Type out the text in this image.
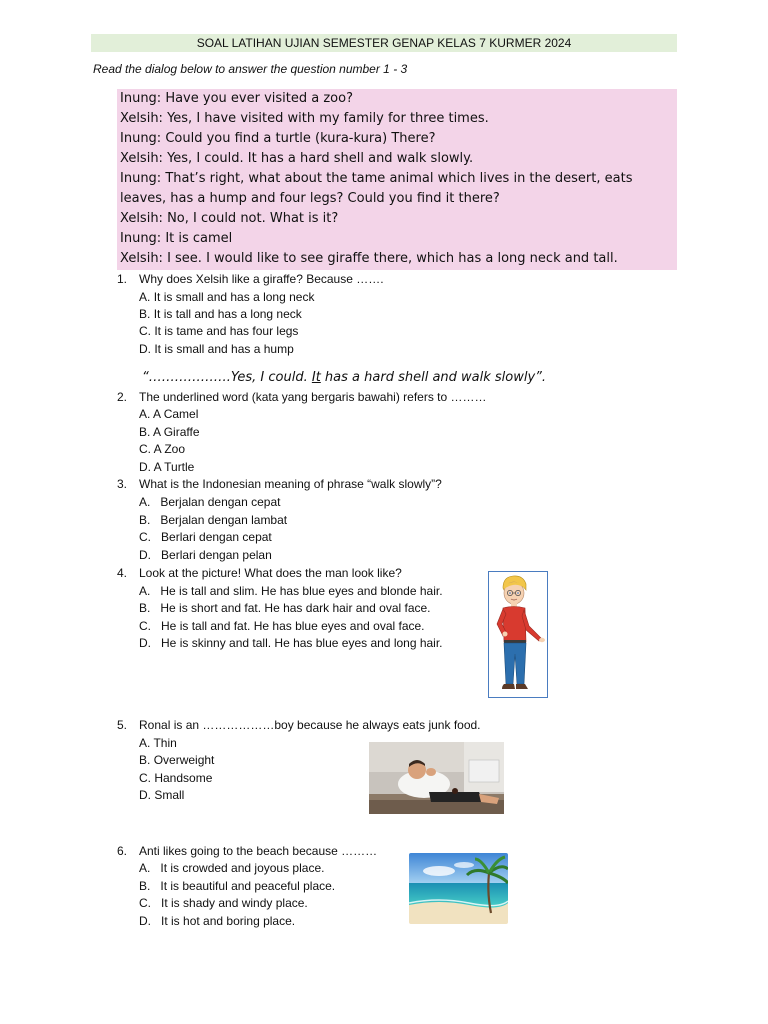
SOAL LATIHAN UJIAN SEMESTER GENAP KELAS 7 KURMER 2024
Read the dialog below to answer the question number 1 - 3
Inung: Have you ever visited a zoo?
Xelsih: Yes, I have visited with my family for three times.
Inung: Could you find a turtle (kura-kura) There?
Xelsih: Yes, I could. It has a hard shell and walk slowly.
Inung: That’s right, what about the tame animal which lives in the desert, eats
leaves, has a hump and four legs? Could you find it there?
Xelsih: No, I could not. What is it?
Inung: It is camel
Xelsih: I see. I would like to see giraffe there, which has a long neck and tall.
1. Why does Xelsih like a giraffe? Because …….
A. It is small and has a long neck
B. It is tall and has a long neck
C. It is tame and has four legs
D. It is small and has a hump
“……………….Yes, I could. It has a hard shell and walk slowly”.
2. The underlined word (kata yang bergaris bawahi) refers to ………
A. A Camel
B. A Giraffe
C. A Zoo
D. A Turtle
3. What is the Indonesian meaning of phrase “walk slowly”?
A. Berjalan dengan cepat
B. Berjalan dengan lambat
C. Berlari dengan cepat
D. Berlari dengan pelan
4. Look at the picture! What does the man look like?
A. He is tall and slim. He has blue eyes and blonde hair.
B. He is short and fat. He has dark hair and oval face.
C. He is tall and fat. He has blue eyes and oval face.
D. He is skinny and tall. He has blue eyes and long hair.
5. Ronal is an ………………boy because he always eats junk food.
A. Thin
B. Overweight
C. Handsome
D. Small
6. Anti likes going to the beach because ………
A. It is crowded and joyous place.
B. It is beautiful and peaceful place.
C. It is shady and windy place.
D. It is hot and boring place.
